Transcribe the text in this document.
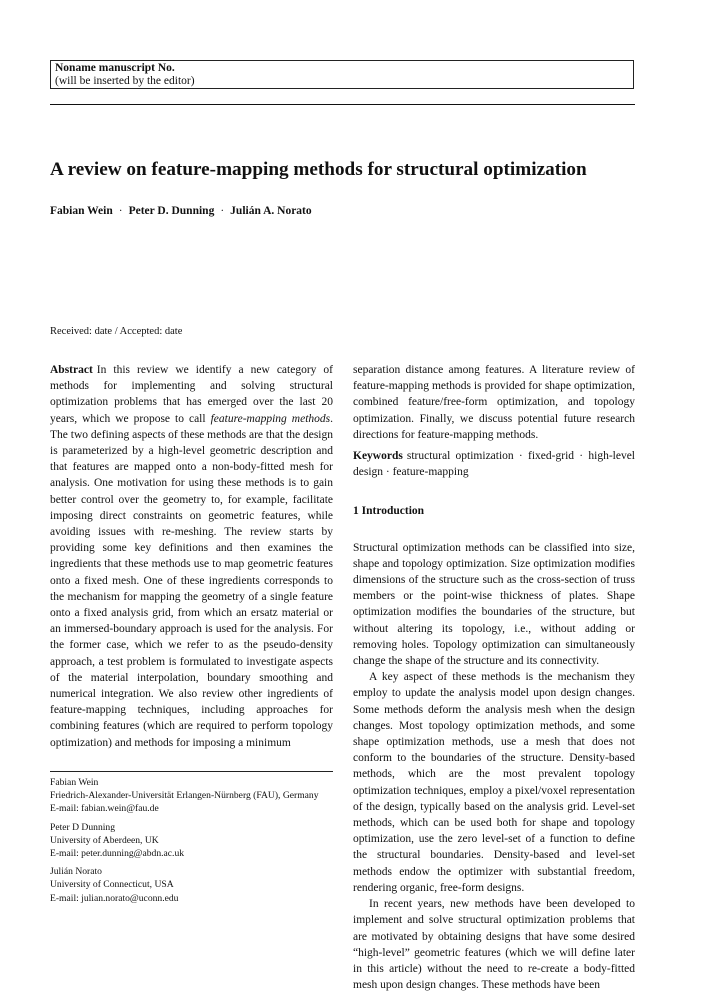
Noname manuscript No.
(will be inserted by the editor)
A review on feature-mapping methods for structural optimization
Fabian Wein · Peter D. Dunning · Julián A. Norato
Received: date / Accepted: date

Abstract In this review we identify a new category of methods for implementing and solving structural optimization problems that has emerged over the last 20 years, which we propose to call feature-mapping methods. The two defining aspects of these methods are that the design is parameterized by a high-level geometric description and that features are mapped onto a non-body-fitted mesh for analysis. One motivation for using these methods is to gain better control over the geometry to, for example, facilitate imposing direct constraints on geometric features, while avoiding issues with re-meshing. The review starts by providing some key definitions and then examines the ingredients that these methods use to map geometric features onto a fixed mesh. One of these ingredients corresponds to the mechanism for mapping the geometry of a single feature onto a fixed analysis grid, from which an ersatz material or an immersed-boundary approach is used for the analysis. For the former case, which we refer to as the pseudo-density approach, a test problem is formulated to investigate aspects of the material interpolation, boundary smoothing and numerical integration. We also review other ingredients of feature-mapping techniques, including approaches for combining features (which are required to perform topology optimization) and methods for imposing a minimum

Fabian Wein
Friedrich-Alexander-Universität Erlangen-Nürnberg (FAU), Germany
E-mail: fabian.wein@fau.de
Peter D Dunning
University of Aberdeen, UK
E-mail: peter.dunning@abdn.ac.uk
Julián Norato
University of Connecticut, USA
E-mail: julian.norato@uconn.edu

separation distance among features. A literature review of feature-mapping methods is provided for shape optimization, combined feature/free-form optimization, and topology optimization. Finally, we discuss potential future research directions for feature-mapping methods.

Keywords structural optimization · fixed-grid · high-level design · feature-mapping

1 Introduction

Structural optimization methods can be classified into size, shape and topology optimization. Size optimization modifies dimensions of the structure such as the cross-section of truss members or the point-wise thickness of plates. Shape optimization modifies the boundaries of the structure, but without altering its topology, i.e., without adding or removing holes. Topology optimization can simultaneously change the shape of the structure and its connectivity.

A key aspect of these methods is the mechanism they employ to update the analysis model upon design changes. Some methods deform the analysis mesh when the design changes. Most topology optimization methods, and some shape optimization methods, use a mesh that does not conform to the boundaries of the structure. Density-based methods, which are the most prevalent topology optimization techniques, employ a pixel/voxel representation of the design, typically based on the analysis grid. Level-set methods, which can be used both for shape and topology optimization, use the zero level-set of a function to define the structural boundaries. Density-based and level-set methods endow the optimizer with substantial freedom, rendering organic, free-form designs.

In recent years, new methods have been developed to implement and solve structural optimization problems that are motivated by obtaining designs that have some desired “high-level” geometric features (which we will define later in this article) without the need to re-create a body-fitted mesh upon design changes. These methods have been
